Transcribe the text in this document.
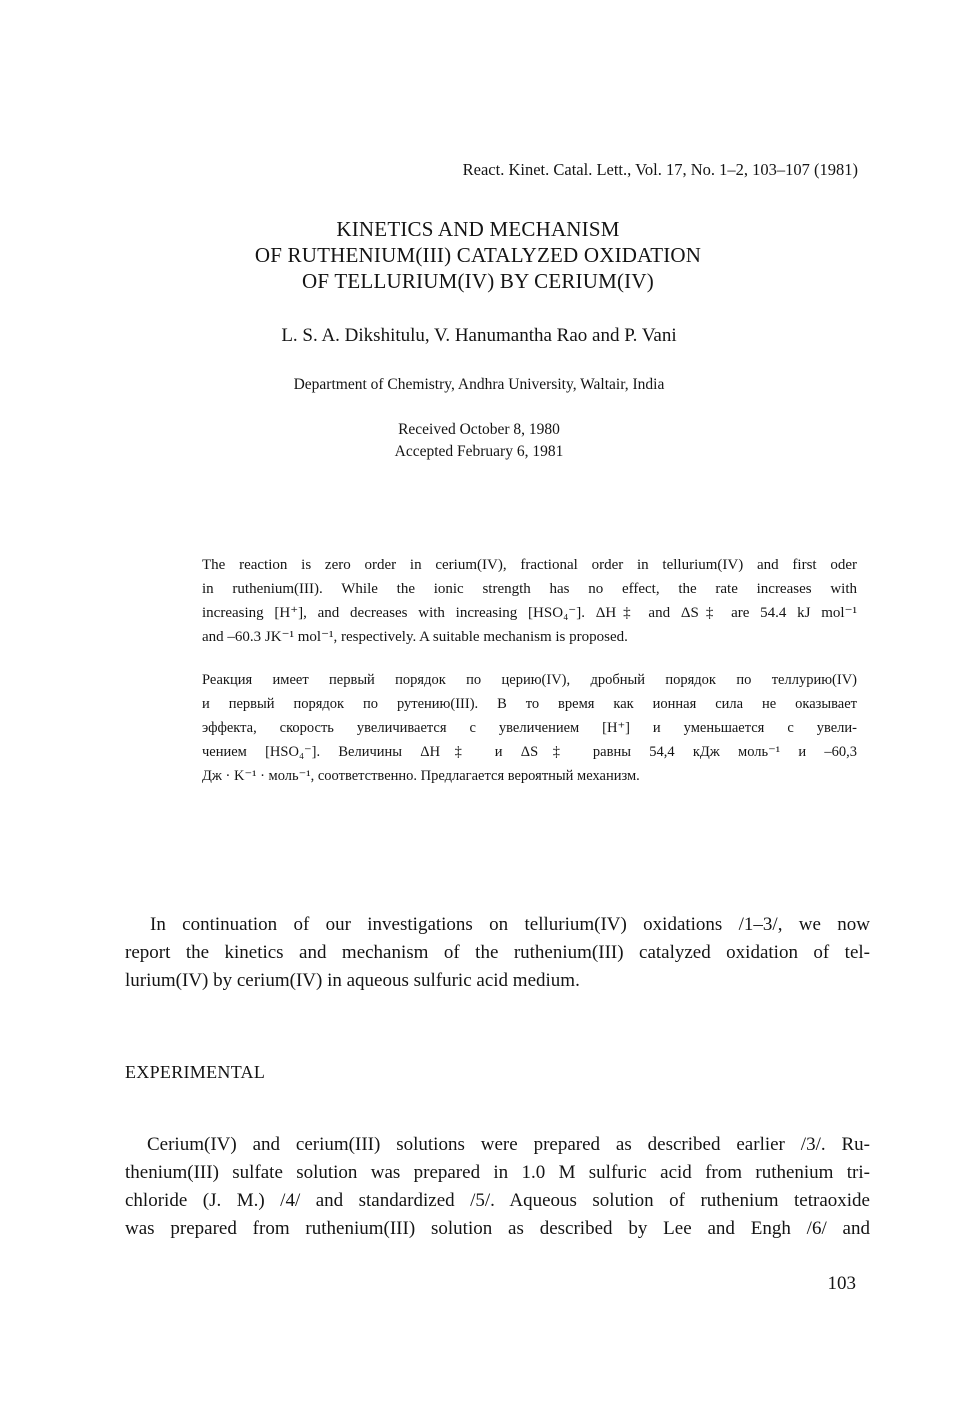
React. Kinet. Catal. Lett., Vol. 17, No. 1–2, 103–107 (1981)
KINETICS AND MECHANISM
OF RUTHENIUM(III) CATALYZED OXIDATION
OF TELLURIUM(IV) BY CERIUM(IV)
L. S. A. Dikshitulu, V. Hanumantha Rao and P. Vani
Department of Chemistry, Andhra University, Waltair, India
Received October 8, 1980
Accepted February 6, 1981
The reaction is zero order in cerium(IV), fractional order in tellurium(IV) and first oder
in ruthenium(III). While the ionic strength has no effect, the rate increases with
increasing [H⁺], and decreases with increasing [HSO₄⁻]. ΔH‡ and ΔS‡ are 54.4 kJ mol⁻¹
and –60.3 JK⁻¹ mol⁻¹, respectively. A suitable mechanism is proposed.
Реакция имеет первый порядок по церию(IV), дробный порядок по теллурию(IV)
и первый порядок по рутению(III). В то время как ионная сила не оказывает
эффекта, скорость увеличивается с увеличением [H⁺] и уменьшается с увели-
чением [HSO₄⁻]. Величины ΔH‡ и ΔS‡ равны 54,4 кДж моль⁻¹ и –60,3
Дж · K⁻¹ · моль⁻¹, соответственно. Предлагается вероятный механизм.
In continuation of our investigations on tellurium(IV) oxidations /1–3/, we now
report the kinetics and mechanism of the ruthenium(III) catalyzed oxidation of tel-
lurium(IV) by cerium(IV) in aqueous sulfuric acid medium.
EXPERIMENTAL
Cerium(IV) and cerium(III) solutions were prepared as described earlier /3/. Ru-
thenium(III) sulfate solution was prepared in 1.0 M sulfuric acid from ruthenium tri-
chloride (J. M.) /4/ and standardized /5/. Aqueous solution of ruthenium tetraoxide
was prepared from ruthenium(III) solution as described by Lee and Engh /6/ and
103
